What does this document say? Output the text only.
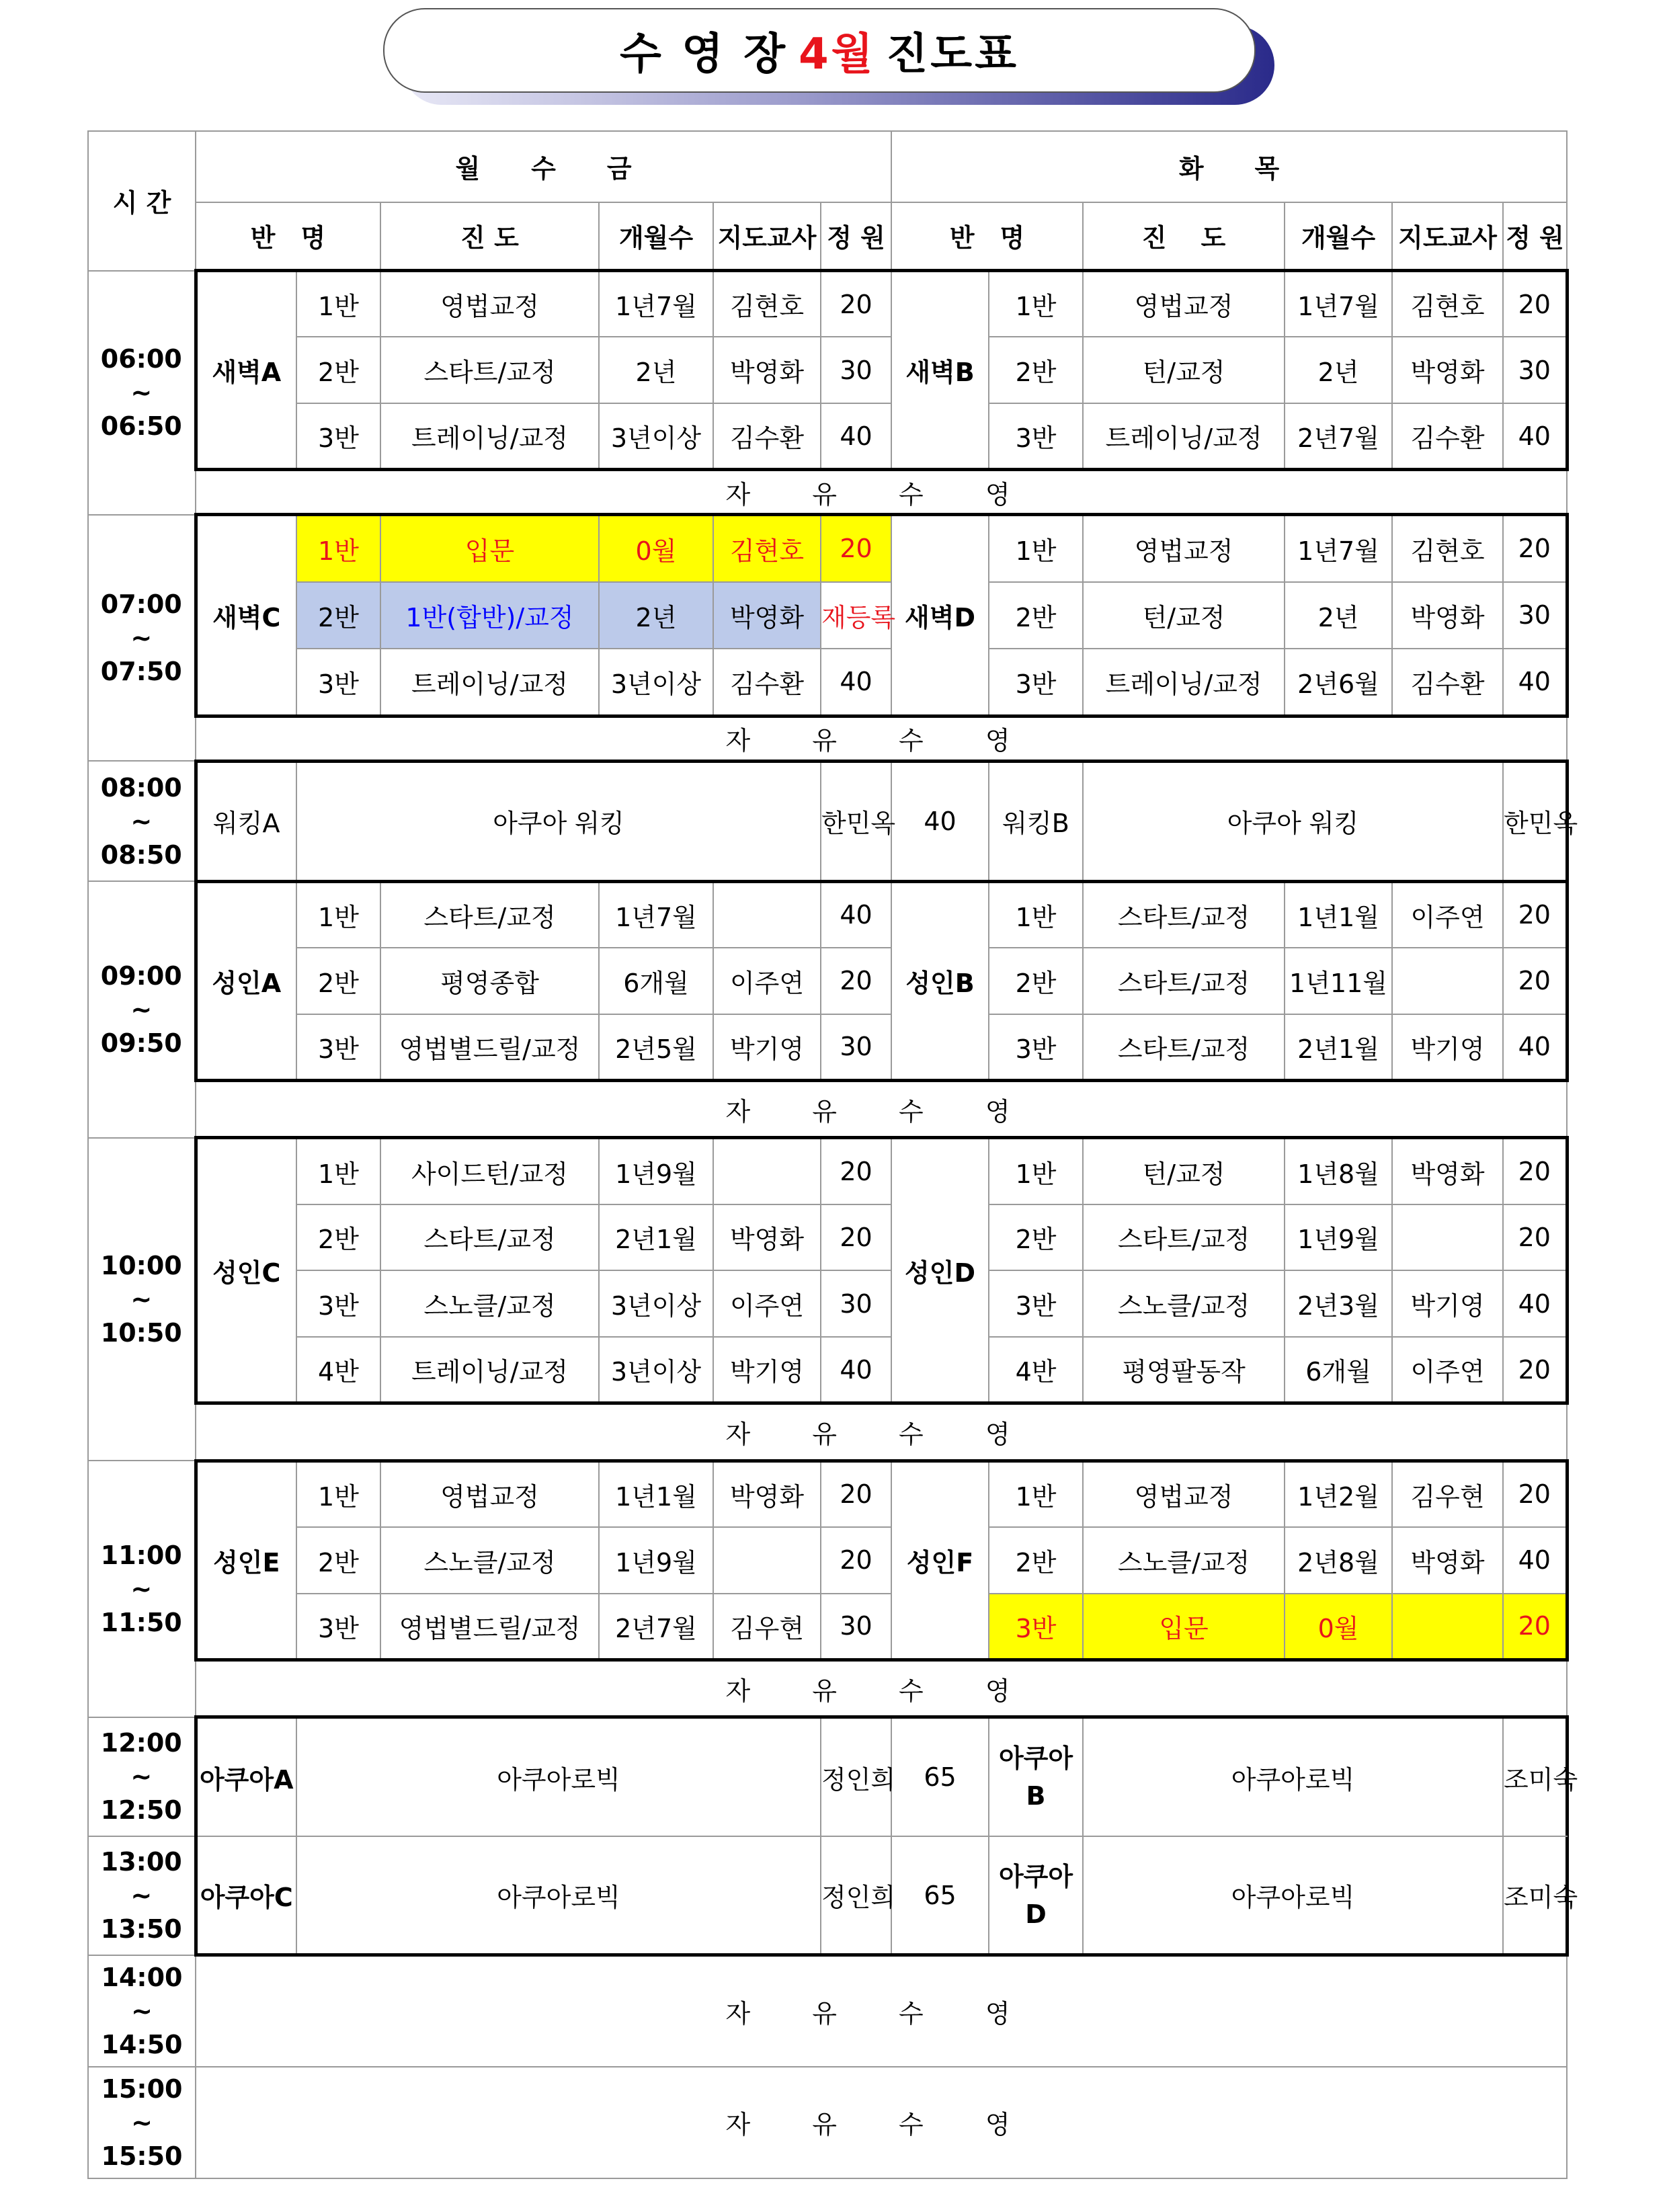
수 영 장 4월 진도표
시 간	월　　수　　금						화　　목						
	반　명		진 도	개월수	지도교사	정 원	반　명		진　 도	개월수	지도교사	정 원	

06:00
~
06:50	새벽A	1반	영법교정	1년7월	김현호	20	새벽B	1반	영법교정	1년7월	김현호	20	
		2반	스타트/교정	2년	박영화	30		2반	턴/교정	2년	박영화	30	
		3반	트레이닝/교정	3년이상	김수환	40		3반	트레이닝/교정	2년7월	김수환	40	
	자 유 수 영												

07:00
~
07:50	새벽C	1반	입문	0월	김현호	20	새벽D	1반	영법교정	1년7월	김현호	20	
		2반	1반(합반)/교정	2년	박영화	재등록		2반	턴/교정	2년	박영화	30	
		3반	트레이닝/교정	3년이상	김수환	40		3반	트레이닝/교정	2년6월	김수환	40	
	자 유 수 영												

08:00
~
08:50	워킹A	아쿠아 워킹				한민옥	40	워킹B	아쿠아 워킹			한민옥	

09:00
~
09:50	성인A	1반	스타트/교정	1년7월		40	성인B	1반	스타트/교정	1년1월	이주연	20	
		2반	평영종합	6개월	이주연	20		2반	스타트/교정	1년11월		20	
		3반	영법별드릴/교정	2년5월	박기영	30		3반	스타트/교정	2년1월	박기영	40	
	자 유 수 영												

10:00
~
10:50	성인C	1반	사이드턴/교정	1년9월		20	성인D	1반	턴/교정	1년8월	박영화	20	
		2반	스타트/교정	2년1월	박영화	20		2반	스타트/교정	1년9월		20	
		3반	스노클/교정	3년이상	이주연	30		3반	스노클/교정	2년3월	박기영	40	
		4반	트레이닝/교정	3년이상	박기영	40		4반	평영팔동작	6개월	이주연	20	
	자 유 수 영												

11:00
~
11:50	성인E	1반	영법교정	1년1월	박영화	20	성인F	1반	영법교정	1년2월	김우현	20	
		2반	스노클/교정	1년9월		20		2반	스노클/교정	2년8월	박영화	40	
		3반	영법별드릴/교정	2년7월	김우현	30		3반	입문	0월		20	
	자 유 수 영												

12:00
~
12:50	아쿠아A	아쿠아로빅				정인희	65	아쿠아 B	아쿠아로빅			조미숙	

13:00
~
13:50	아쿠아C	아쿠아로빅				정인희	65	아쿠아 D	아쿠아로빅			조미숙	

14:00
~
14:50	자 유 수 영												

15:00
~
15:50	자 유 수 영												
